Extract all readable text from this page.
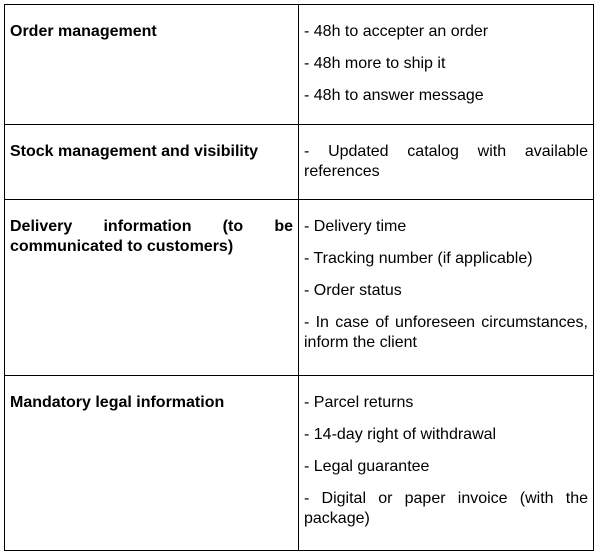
Order management	- 48h to accepter an order

- 48h more to ship it

- 48h to answer message

Stock management and visibility	- Updated catalog with available references

Delivery information (to be communicated to customers)	- Delivery time

- Tracking number (if applicable)

- Order status

- In case of unforeseen circumstances, inform the client

Mandatory legal information	- Parcel returns

- 14-day right of withdrawal

- Legal guarantee

- Digital or paper invoice (with the package)
